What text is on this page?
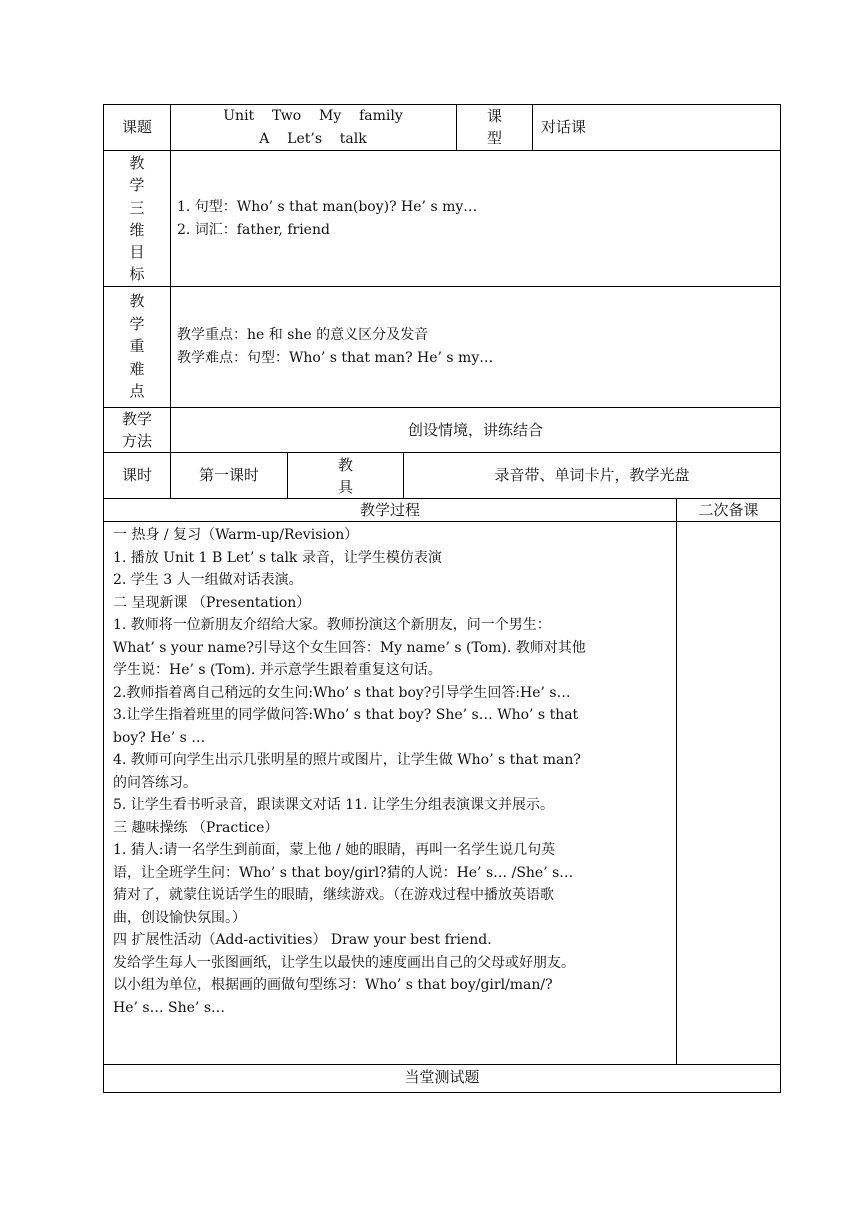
课题
Unit    Two    My    family
A    Let’s    talk
课
型
对话课
教
学
三
维
目
标
1. 句型：Who’ s that man(boy)? He’ s my…
2. 词汇：father, friend
教
学
重
难
点
教学重点：he 和 she 的意义区分及发音
教学难点：句型：Who’ s that man? He’ s my…
教学
方法
创设情境，讲练结合
课时	第一课时
教
具
录音带、单词卡片，教学光盘
教学过程	二次备课
一 热身 / 复习（Warm-up/Revision）
1. 播放 Unit 1 B Let’ s talk 录音，让学生模仿表演
2. 学生 3 人一组做对话表演。
二 呈现新课 （Presentation）
1. 教师将一位新朋友介绍给大家。教师扮演这个新朋友，问一个男生：
What’ s your name?引导这个女生回答：My name’ s (Tom). 教师对其他
学生说：He’ s (Tom). 并示意学生跟着重复这句话。
2.教师指着离自己稍远的女生问:Who’ s that boy?引导学生回答:He’ s…
3.让学生指着班里的同学做问答:Who’ s that boy? She’ s… Who’ s that
boy? He’ s …
4. 教师可向学生出示几张明星的照片或图片，让学生做 Who’ s that man?
的问答练习。
5. 让学生看书听录音，跟读课文对话 11. 让学生分组表演课文并展示。
三 趣味操练 （Practice）
1. 猜人:请一名学生到前面，蒙上他 / 她的眼睛，再叫一名学生说几句英
语，让全班学生问：Who’ s that boy/girl?猜的人说：He’ s… /She’ s…
猜对了，就蒙住说话学生的眼睛，继续游戏。（在游戏过程中播放英语歌
曲，创设愉快氛围。）
四 扩展性活动（Add-activities） Draw your best friend.
发给学生每人一张图画纸，让学生以最快的速度画出自己的父母或好朋友。
以小组为单位，根据画的画做句型练习：Who’ s that boy/girl/man/?
He’ s… She’ s…
当堂测试题
